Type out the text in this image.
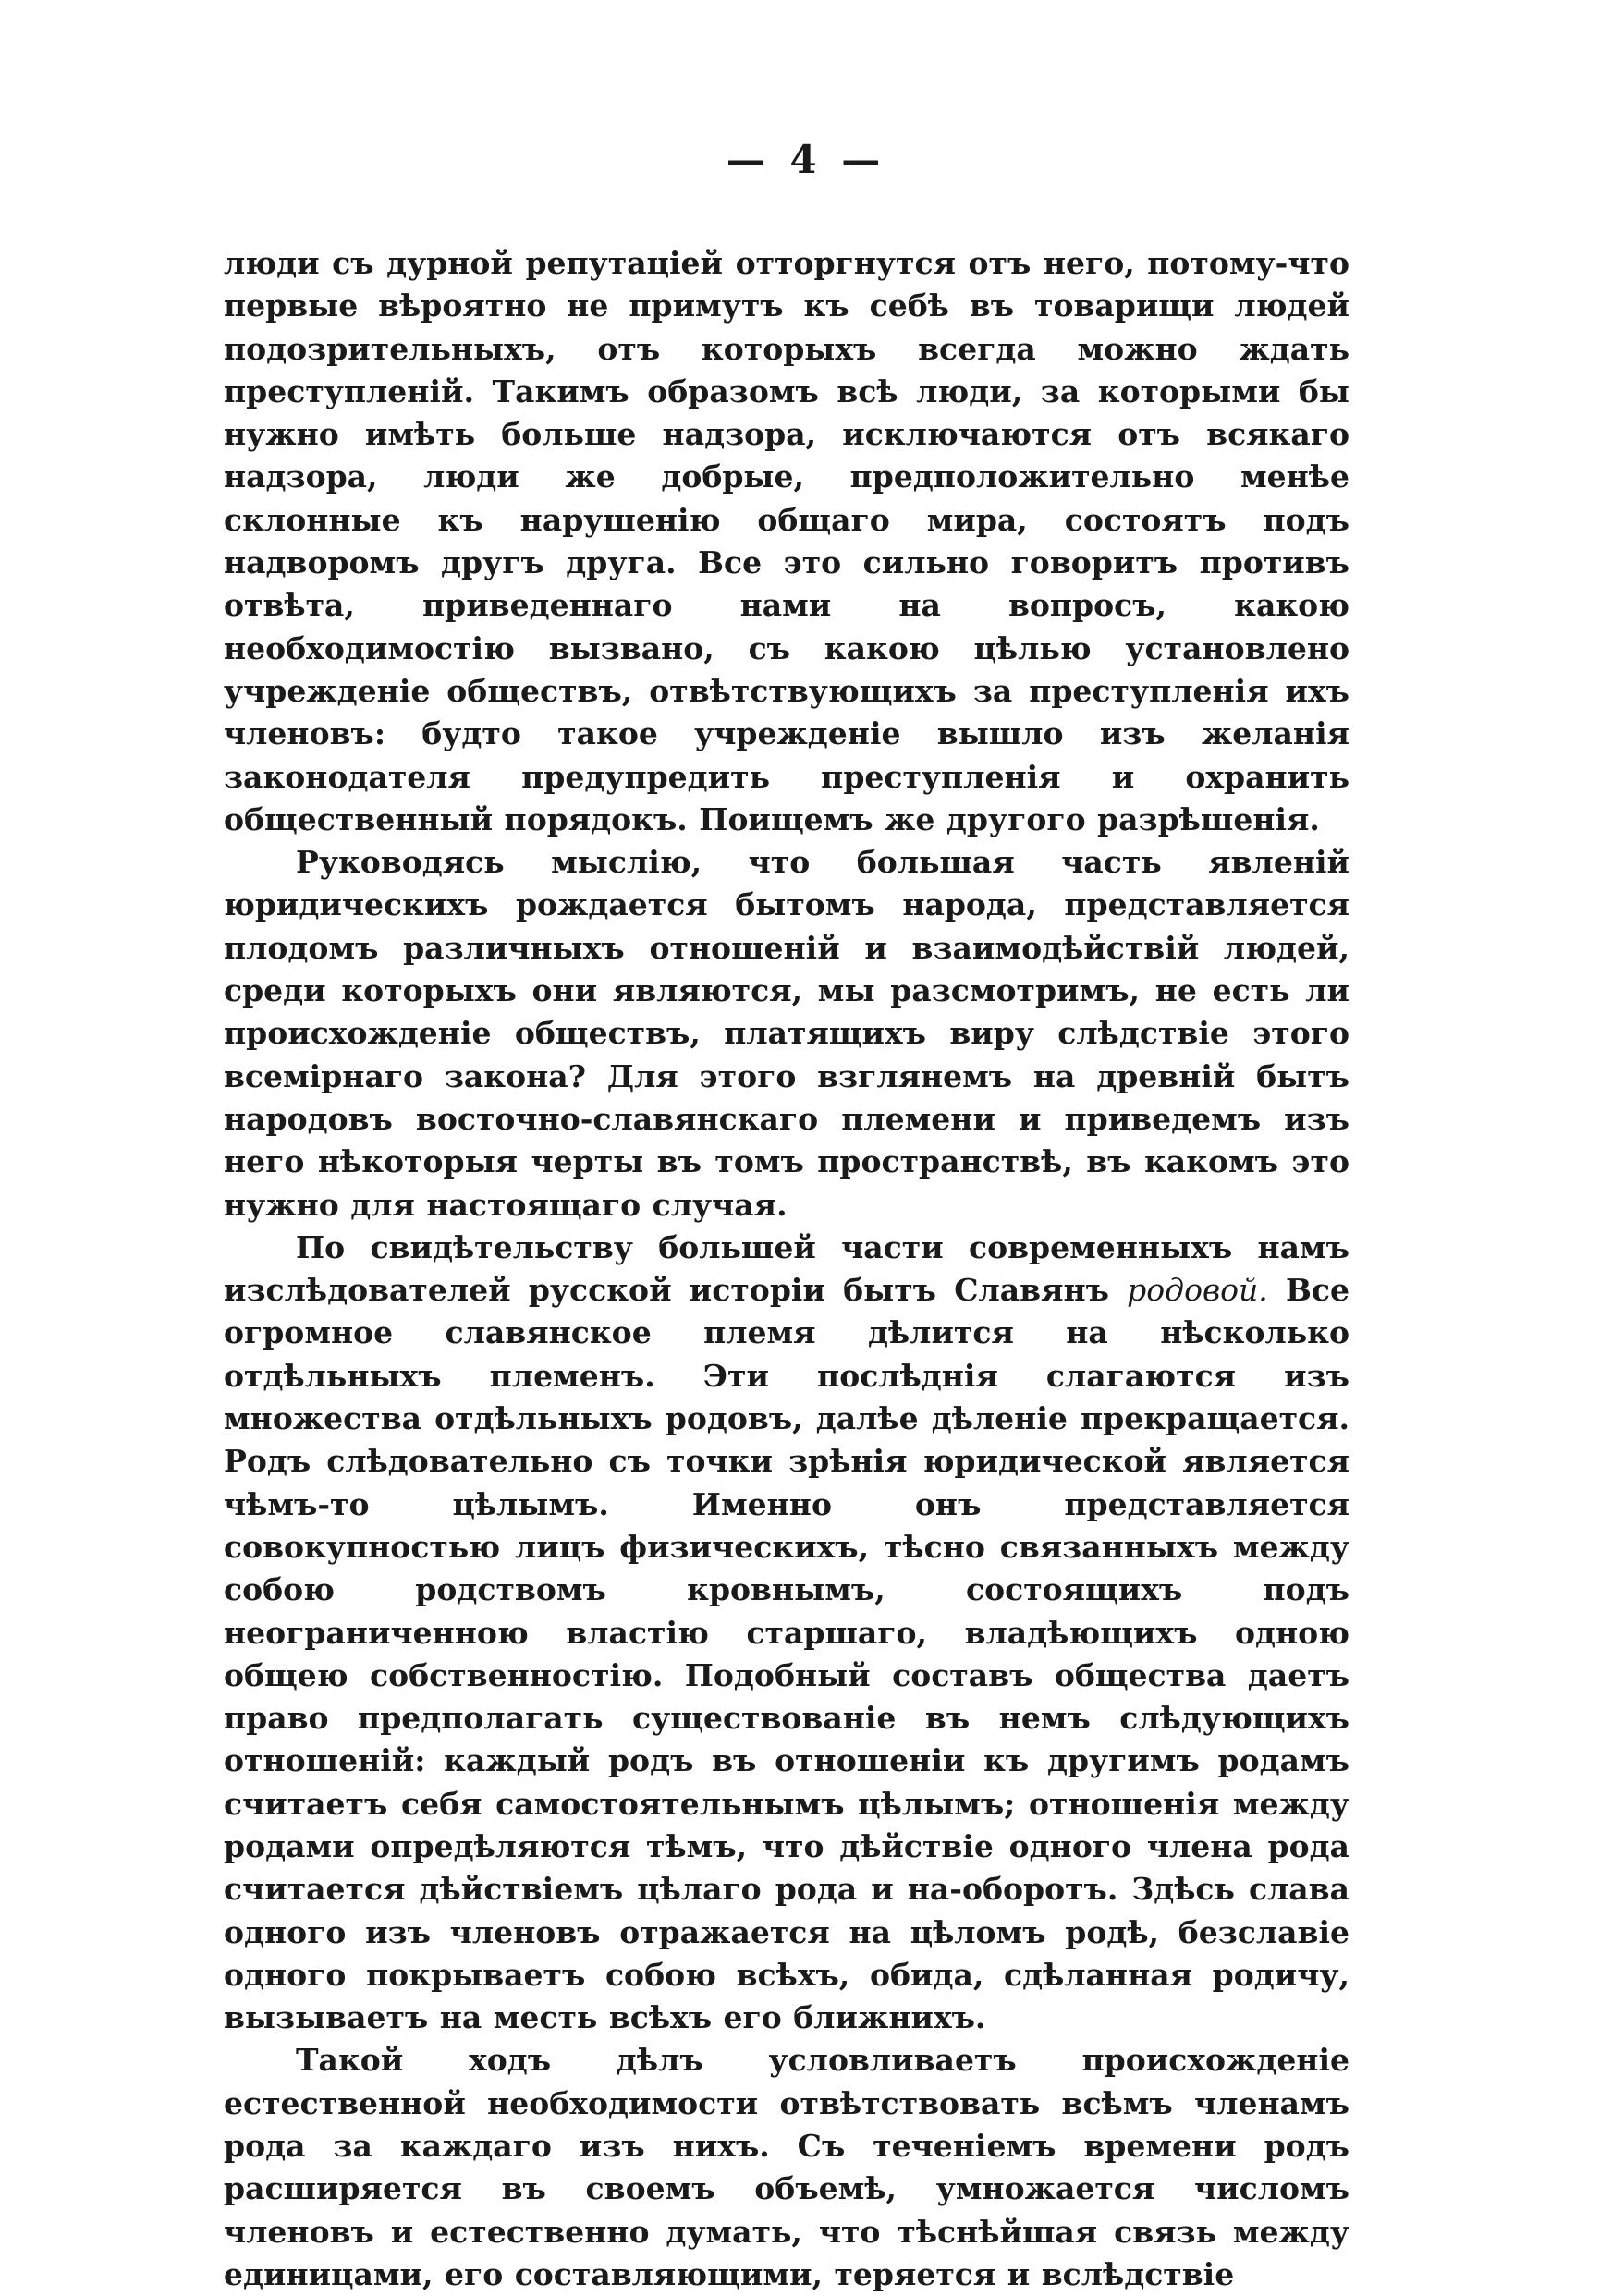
— 4 —

люди съ дурной репутаціей отторгнутся отъ него, потому-что первые вѣроятно не примутъ къ себѣ въ товарищи людей подозрительныхъ, отъ которыхъ всегда можно ждать преступленій. Такимъ образомъ всѣ люди, за которыми бы нужно имѣть больше надзора, исключаются отъ всякаго надзора, люди же добрые, предположительно менѣе склонные къ нарушенію общаго мира, состоятъ подъ надворомъ другъ друга. Все это сильно говоритъ противъ отвѣта, приведеннаго нами на вопросъ, какою необходимостію вызвано, съ какою цѣлью установлено учрежденіе обществъ, отвѣтствующихъ за преступленія ихъ членовъ: будто такое учрежденіе вышло изъ желанія законодателя предупредить преступленія и охранить общественный порядокъ. Поищемъ же другого разрѣшенія.

Руководясь мыслію, что большая часть явленій юридическихъ рождается бытомъ народа, представляется плодомъ различныхъ отношеній и взаимодѣйствій людей, среди которыхъ они являются, мы разсмотримъ, не есть ли происхожденіе обществъ, платящихъ виру слѣдствіе этого всемірнаго закона? Для этого взглянемъ на древній бытъ народовъ восточно-славянскаго племени и приведемъ изъ него нѣкоторыя черты въ томъ пространствѣ, въ какомъ это нужно для настоящаго случая.

По свидѣтельству большей части современныхъ намъ изслѣдователей русской исторіи бытъ Славянъ родовой. Все огромное славянское племя дѣлится на нѣсколько отдѣльныхъ племенъ. Эти послѣднія слагаются изъ множества отдѣльныхъ родовъ, далѣе дѣленіе прекращается. Родъ слѣдовательно съ точки зрѣнія юридической является чѣмъ-то цѣлымъ. Именно онъ представляется совокупностью лицъ физическихъ, тѣсно связанныхъ между собою родствомъ кровнымъ, состоящихъ подъ неограниченною властію старшаго, владѣющихъ одною общею собственностію. Подобный составъ общества даетъ право предполагать существованіе въ немъ слѣдующихъ отношеній: каждый родъ въ отношеніи къ другимъ родамъ считаетъ себя самостоятельнымъ цѣлымъ; отношенія между родами опредѣляются тѣмъ, что дѣйствіе одного члена рода считается дѣйствіемъ цѣлаго рода и на-оборотъ. Здѣсь слава одного изъ членовъ отражается на цѣломъ родѣ, безславіе одного покрываетъ собою всѣхъ, обида, сдѣланная родичу, вызываетъ на месть всѣхъ его ближнихъ.

Такой ходъ дѣлъ условливаетъ происхожденіе естественной необходимости отвѣтствовать всѣмъ членамъ рода за каждаго изъ нихъ. Съ теченіемъ времени родъ расширяется въ своемъ объемѣ, умножается числомъ членовъ и естественно думать, что тѣснѣйшая связь между единицами, его составляющими, теряется и вслѣдствіе
